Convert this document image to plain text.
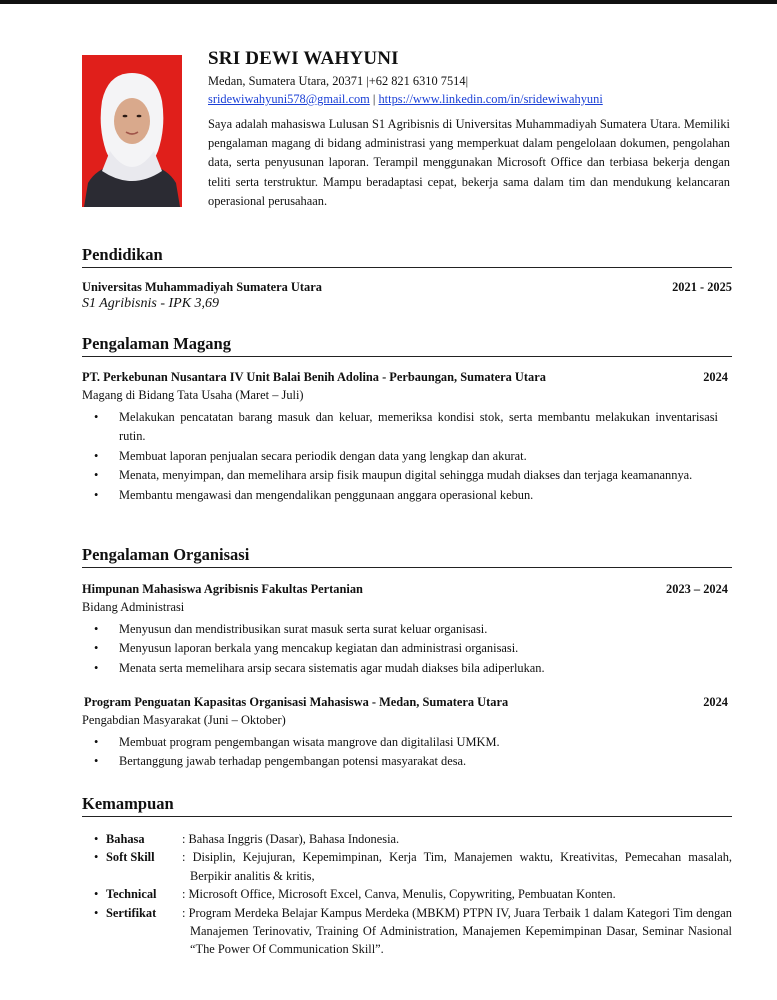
SRI DEWI WAHYUNI
Medan, Sumatera Utara, 20371 |+62 821 6310 7514|
sridewiwahyuni578@gmail.com | https://www.linkedin.com/in/sridewiwahyuni
Saya adalah mahasiswa Lulusan S1 Agribisnis di Universitas Muhammadiyah Sumatera Utara. Memiliki pengalaman magang di bidang administrasi yang memperkuat dalam pengelolaan dokumen, pengolahan data, serta penyusunan laporan. Terampil menggunakan Microsoft Office dan terbiasa bekerja dengan teliti serta terstruktur. Mampu beradaptasi cepat, bekerja sama dalam tim dan mendukung kelancaran operasional perusahaan.
Pendidikan
Universitas Muhammadiyah Sumatera Utara	2021 - 2025
S1 Agribisnis - IPK 3,69
Pengalaman Magang
PT. Perkebunan Nusantara IV Unit Balai Benih Adolina - Perbaungan, Sumatera Utara	2024
Magang di Bidang Tata Usaha (Maret – Juli)
• Melakukan pencatatan barang masuk dan keluar, memeriksa kondisi stok, serta membantu melakukan inventarisasi rutin.
• Membuat laporan penjualan secara periodik dengan data yang lengkap dan akurat.
• Menata, menyimpan, dan memelihara arsip fisik maupun digital sehingga mudah diakses dan terjaga keamanannya.
• Membantu mengawasi dan mengendalikan penggunaan anggara operasional kebun.
Pengalaman Organisasi
Himpunan Mahasiswa Agribisnis Fakultas Pertanian	2023 – 2024
Bidang Administrasi
• Menyusun dan mendistribusikan surat masuk serta surat keluar organisasi.
• Menyusun laporan berkala yang mencakup kegiatan dan administrasi organisasi.
• Menata serta memelihara arsip secara sistematis agar mudah diakses bila adiperlukan.
Program Penguatan Kapasitas Organisasi Mahasiswa - Medan, Sumatera Utara	2024
Pengabdian Masyarakat (Juni – Oktober)
• Membuat program pengembangan wisata mangrove dan digitalilasi UMKM.
• Bertanggung jawab terhadap pengembangan potensi masyarakat desa.
Kemampuan
• Bahasa	: Bahasa Inggris (Dasar), Bahasa Indonesia.
• Soft Skill : Disiplin, Kejujuran, Kepemimpinan, Kerja Tim, Manajemen waktu, Kreativitas, Pemecahan masalah, Berpikir analitis & kritis,
• Technical : Microsoft Office, Microsoft Excel, Canva, Menulis, Copywriting, Pembuatan Konten.
• Sertifikat : Program Merdeka Belajar Kampus Merdeka (MBKM) PTPN IV, Juara Terbaik 1 dalam Kategori Tim dengan Manajemen Terinovativ, Training Of Administration, Manajemen Kepemimpinan Dasar, Seminar Nasional “The Power Of Communication Skill”.
